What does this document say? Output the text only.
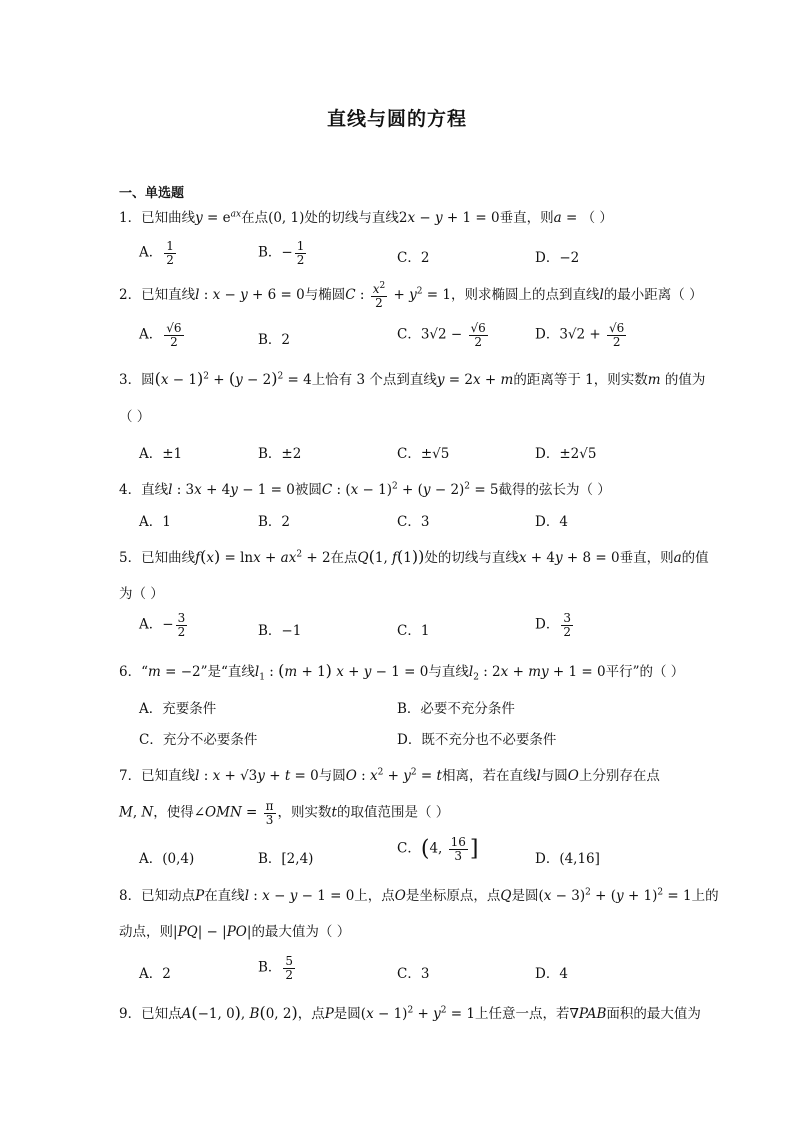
直线与圆的方程
一、单选题
1．已知曲线$y = e^{ax}$在点(0, 1)处的切线与直线2x − y + 1 = 0垂直，则a = （ ）
A． $\frac{1}{2}$	B．− $\frac{1}{2}$	C．2	D．−2
2．已知直线l : x − y + 6 = 0与椭圆C : $\frac{x^2}{2} + y^2 = 1$，则求椭圆上的点到直线l的最小距离（ ）
A． $\frac{√6}{2}$	B．2	C．$3√2 - \frac{√6}{2}$	D．$3√2 + \frac{√6}{2}$
3．圆$(x - 1)^2 + (y - 2)^2 = 4$上恰有 3 个点到直线y = 2x + m的距离等于 1，则实数m 的值为
（ ）
A．±1	B．±2	C．±√5	D．±2√5
4．直线l : 3x + 4y − 1 = 0被圆C : $(x - 1)^2 + (y - 2)^2 = 5$截得的弦长为（ ）
A．1	B．2	C．3	D．4
5．已知曲线$f(x) = \ln x + ax^2 + 2$在点Q(1, f(1))处的切线与直线x + 4y + 8 = 0垂直，则a的值
为（ ）
A．− $\frac{3}{2}$	B．−1	C．1	D． $\frac{3}{2}$
6．“m = −2”是“直线$l_1$ : (m + 1) x + y − 1 = 0与直线$l_2$ : 2x + my + 1 = 0平行”的（ ）
A．充要条件	B．必要不充分条件
C．充分不必要条件	D．既不充分也不必要条件
7．已知直线l : x + √3y + t = 0与圆O : $x^2 + y^2 = t$相离，若在直线l与圆O上分别存在点
M, N，使得∠OMN = $\frac{\pi}{3}$ ，则实数t的取值范围是（ ）
A．(0,4)	B．[2,4)
C．(4, $\frac{16}{3}$ ]	D．(4,16]
8．已知动点P在直线l : x − y − 1 = 0上，点O是坐标原点，点Q是圆$(x - 3)^2 + (y + 1)^2 = 1$上的
动点，则|PQ| − |PO|的最大值为（ ）
A．2	B． $\frac{5}{2}$	C．3	D．4
9．已知点A(−1, 0), B(0, 2)，点P是圆$(x - 1)^2 + y^2 = 1$上任意一点，若∇PAB面积的最大值为
